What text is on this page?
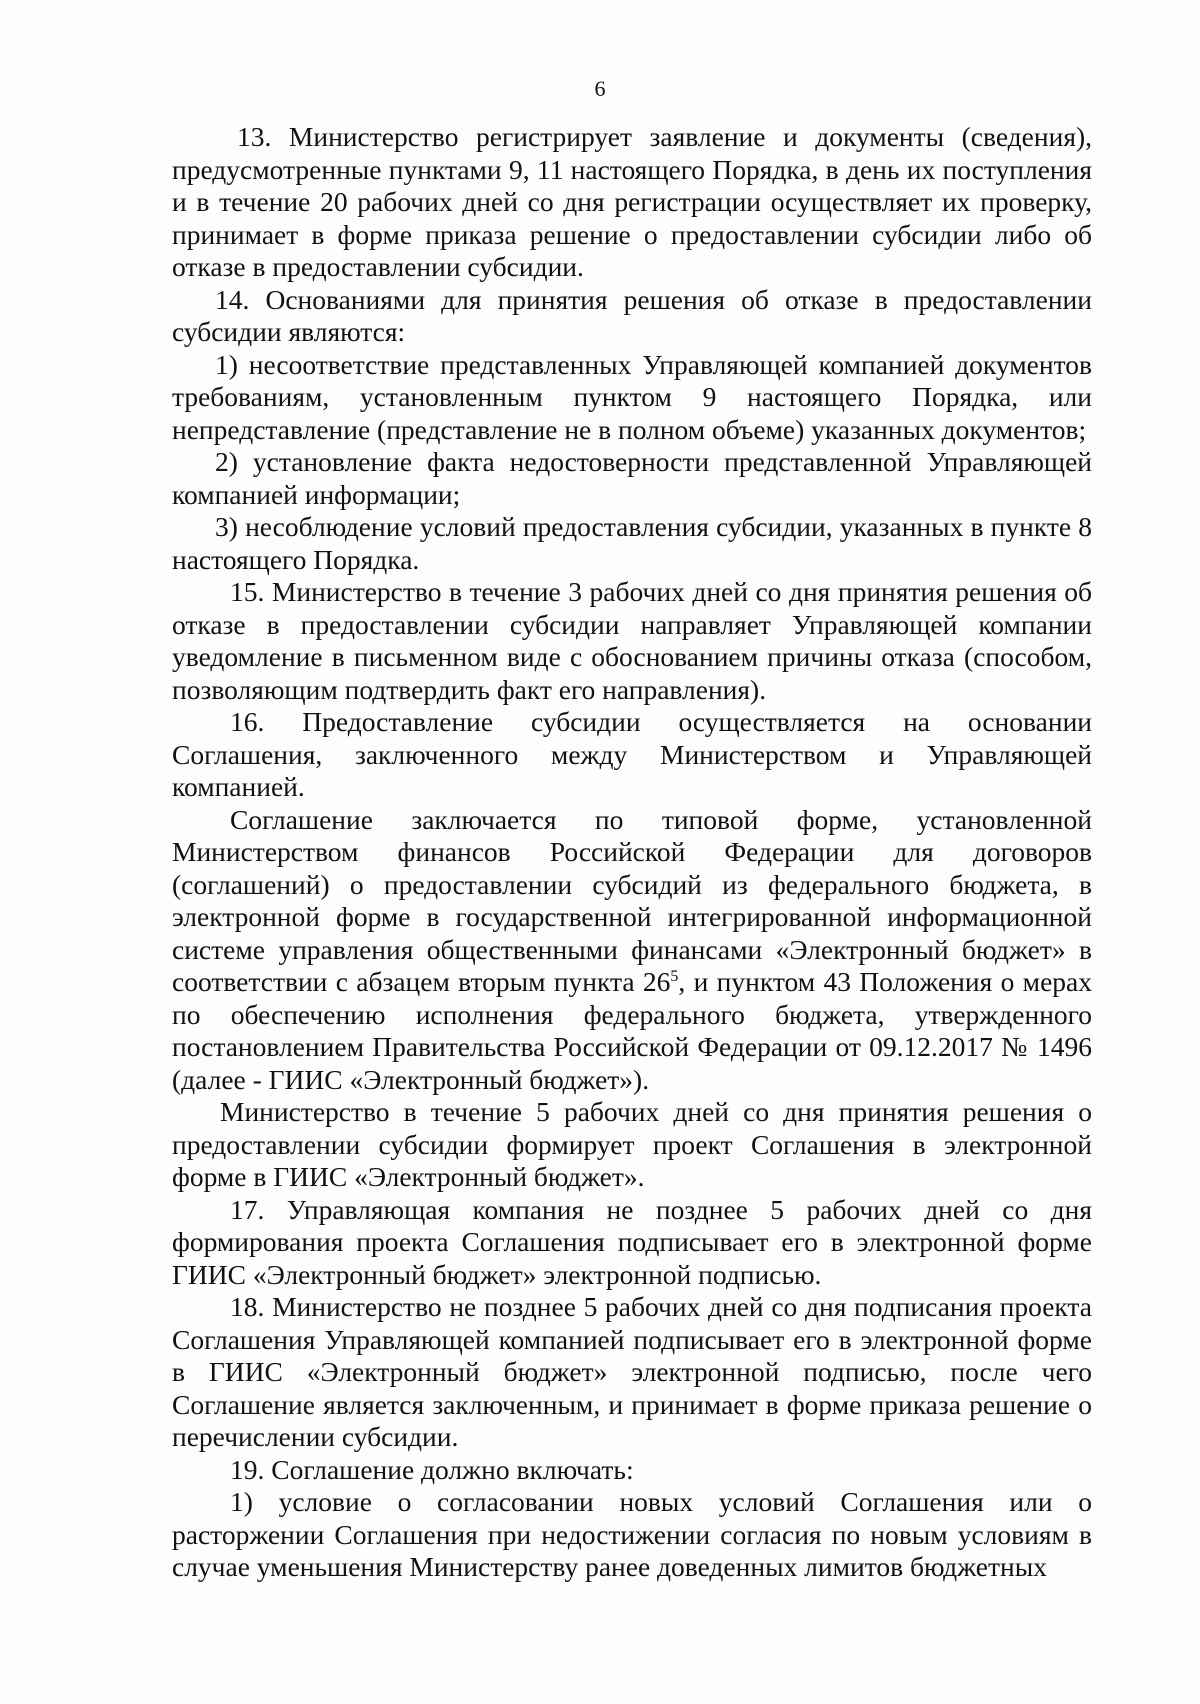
6

13. Министерство регистрирует заявление и документы (сведения), предусмотренные пунктами 9, 11 настоящего Порядка, в день их поступления и в течение 20 рабочих дней со дня регистрации осуществляет их проверку, принимает в форме приказа решение о предоставлении субсидии либо об отказе в предоставлении субсидии.

14. Основаниями для принятия решения об отказе в предоставлении субсидии являются:

1) несоответствие представленных Управляющей компанией документов требованиям, установленным пунктом 9 настоящего Порядка, или непредставление (представление не в полном объеме) указанных документов;

2) установление факта недостоверности представленной Управляющей компанией информации;

3) несоблюдение условий предоставления субсидии, указанных в пункте 8 настоящего Порядка.

15. Министерство в течение 3 рабочих дней со дня принятия решения об отказе в предоставлении субсидии направляет Управляющей компании уведомление в письменном виде с обоснованием причины отказа (способом, позволяющим подтвердить факт его направления).

16. Предоставление субсидии осуществляется на основании Соглашения, заключенного между Министерством и Управляющей компанией.

Соглашение заключается по типовой форме, установленной Министерством финансов Российской Федерации для договоров (соглашений) о предоставлении субсидий из федерального бюджета, в электронной форме в государственной интегрированной информационной системе управления общественными финансами «Электронный бюджет» в соответствии с абзацем вторым пункта $26^5$, и пунктом 43 Положения о мерах по обеспечению исполнения федерального бюджета, утвержденного постановлением Правительства Российской Федерации от 09.12.2017 № 1496 (далее - ГИИС «Электронный бюджет»).

Министерство в течение 5 рабочих дней со дня принятия решения о предоставлении субсидии формирует проект Соглашения в электронной форме в ГИИС «Электронный бюджет».

17. Управляющая компания не позднее 5 рабочих дней со дня формирования проекта Соглашения подписывает его в электронной форме ГИИС «Электронный бюджет» электронной подписью.

18. Министерство не позднее 5 рабочих дней со дня подписания проекта Соглашения Управляющей компанией подписывает его в электронной форме в ГИИС «Электронный бюджет» электронной подписью, после чего Соглашение является заключенным, и принимает в форме приказа решение о перечислении субсидии.

19. Соглашение должно включать:

1) условие о согласовании новых условий Соглашения или о расторжении Соглашения при недостижении согласия по новым условиям в случае уменьшения Министерству ранее доведенных лимитов бюджетных
